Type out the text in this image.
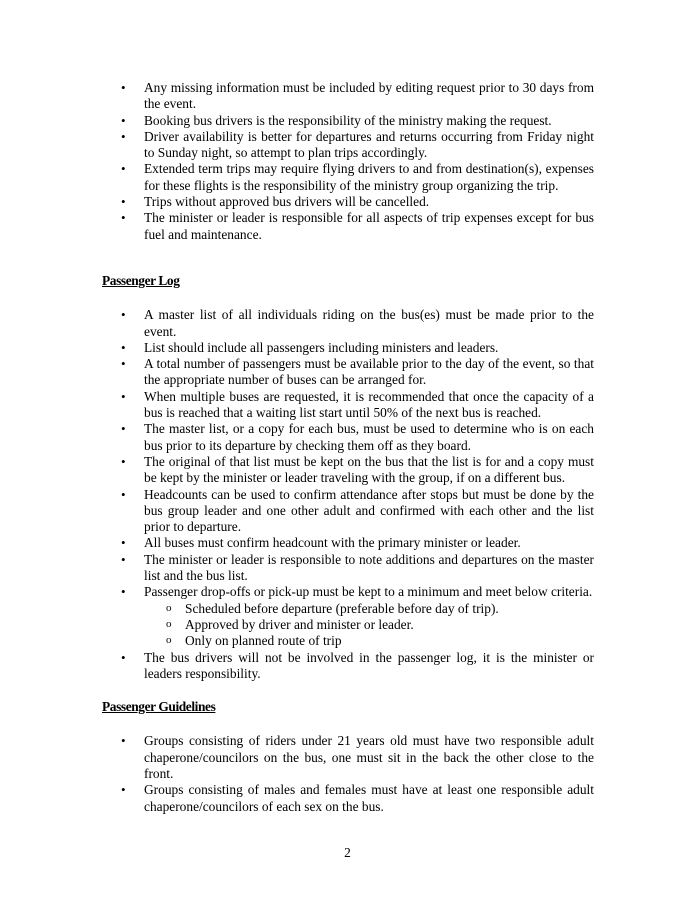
• Any missing information must be included by editing request prior to 30 days from the event.
• Booking bus drivers is the responsibility of the ministry making the request.
• Driver availability is better for departures and returns occurring from Friday night to Sunday night, so attempt to plan trips accordingly.
• Extended term trips may require flying drivers to and from destination(s), expenses for these flights is the responsibility of the ministry group organizing the trip.
• Trips without approved bus drivers will be cancelled.
• The minister or leader is responsible for all aspects of trip expenses except for bus fuel and maintenance.
Passenger Log
• A master list of all individuals riding on the bus(es) must be made prior to the event.
• List should include all passengers including ministers and leaders.
• A total number of passengers must be available prior to the day of the event, so that the appropriate number of buses can be arranged for.
• When multiple buses are requested, it is recommended that once the capacity of a bus is reached that a waiting list start until 50% of the next bus is reached.
• The master list, or a copy for each bus, must be used to determine who is on each bus prior to its departure by checking them off as they board.
• The original of that list must be kept on the bus that the list is for and a copy must be kept by the minister or leader traveling with the group, if on a different bus.
• Headcounts can be used to confirm attendance after stops but must be done by the bus group leader and one other adult and confirmed with each other and the list prior to departure.
• All buses must confirm headcount with the primary minister or leader.
• The minister or leader is responsible to note additions and departures on the master list and the bus list.
• Passenger drop-offs or pick-up must be kept to a minimum and meet below criteria.
o Scheduled before departure (preferable before day of trip).
o Approved by driver and minister or leader.
o Only on planned route of trip
• The bus drivers will not be involved in the passenger log, it is the minister or leaders responsibility.
Passenger Guidelines
• Groups consisting of riders under 21 years old must have two responsible adult chaperone/councilors on the bus, one must sit in the back the other close to the front.
• Groups consisting of males and females must have at least one responsible adult chaperone/councilors of each sex on the bus.
2
